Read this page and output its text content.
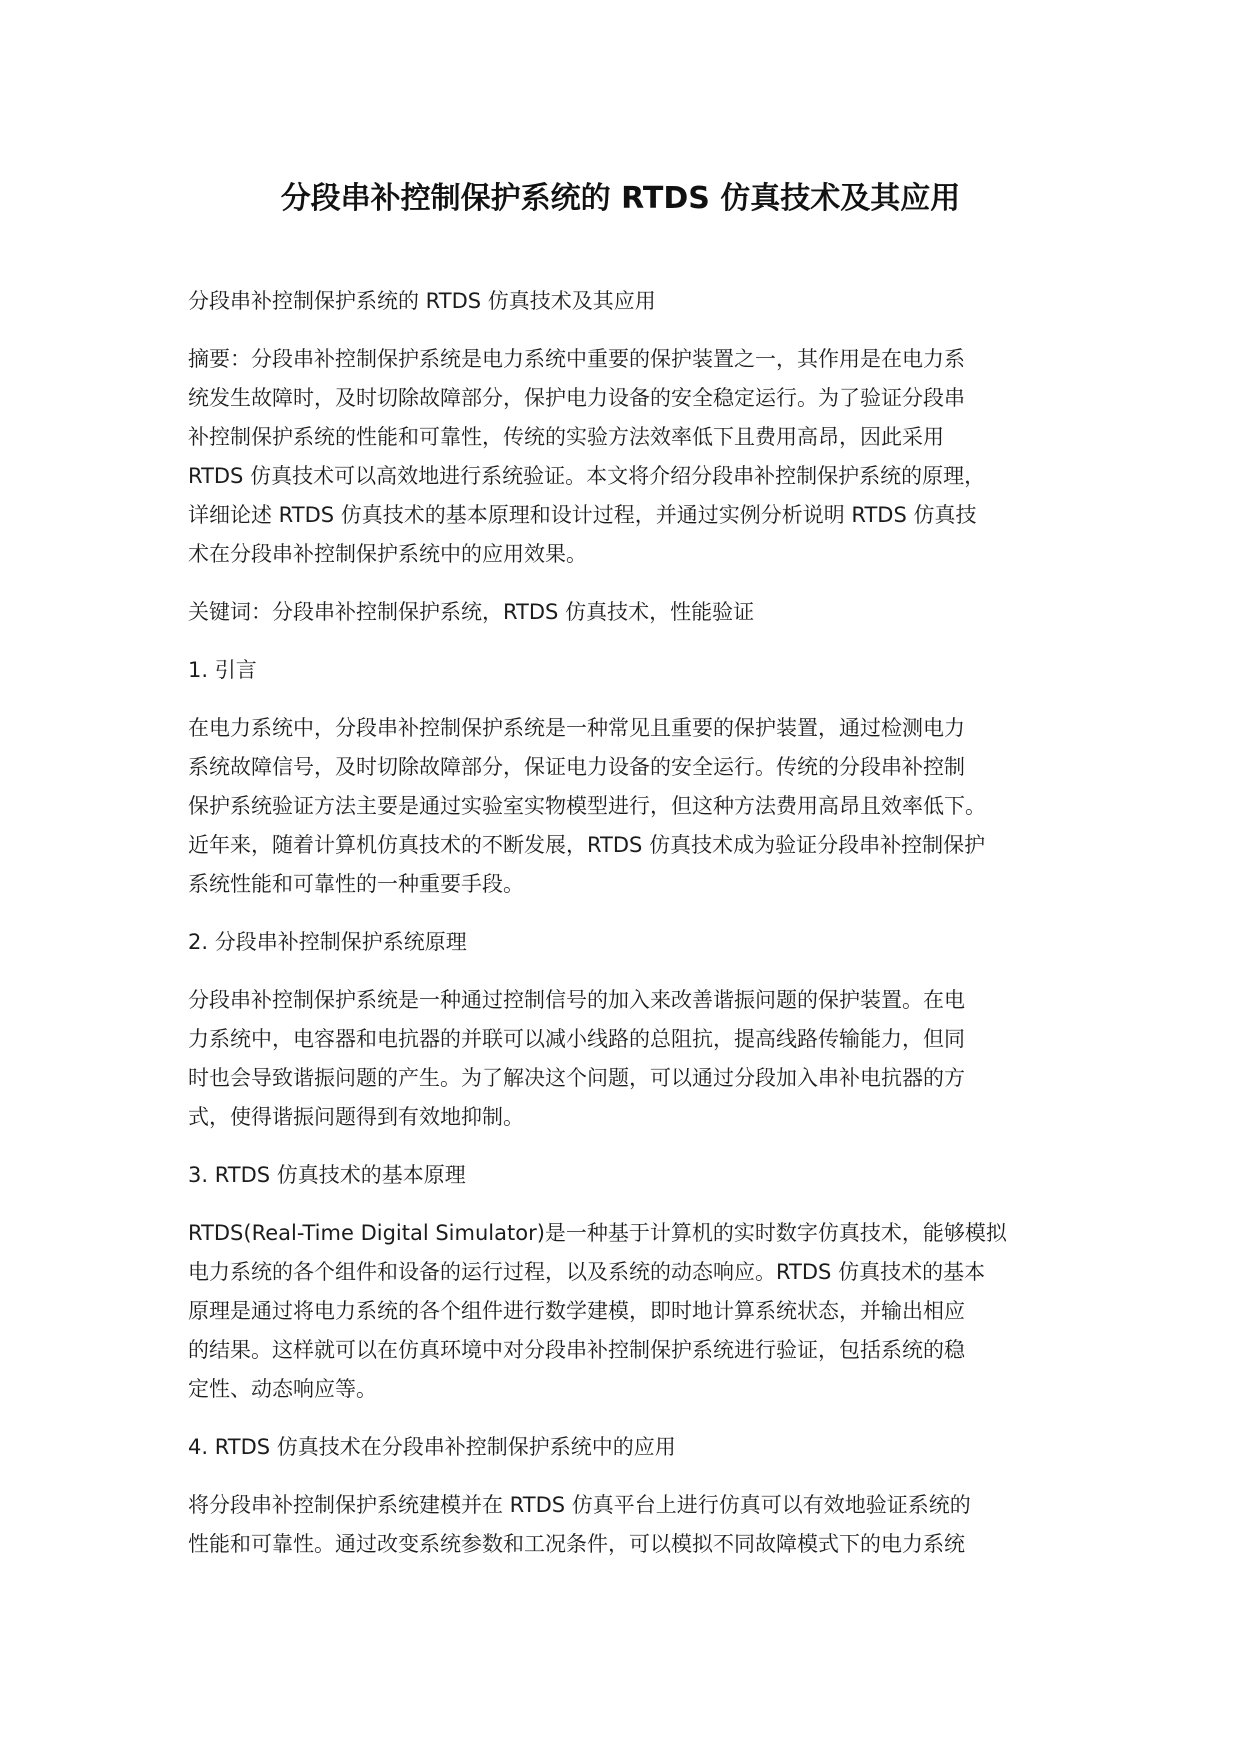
分段串补控制保护系统的 RTDS 仿真技术及其应用

分段串补控制保护系统的 RTDS 仿真技术及其应用

摘要：分段串补控制保护系统是电力系统中重要的保护装置之一，其作用是在电力系
统发生故障时，及时切除故障部分，保护电力设备的安全稳定运行。为了验证分段串
补控制保护系统的性能和可靠性，传统的实验方法效率低下且费用高昂，因此采用
RTDS 仿真技术可以高效地进行系统验证。本文将介绍分段串补控制保护系统的原理，
详细论述 RTDS 仿真技术的基本原理和设计过程，并通过实例分析说明 RTDS 仿真技
术在分段串补控制保护系统中的应用效果。

关键词：分段串补控制保护系统，RTDS 仿真技术，性能验证

1. 引言

在电力系统中，分段串补控制保护系统是一种常见且重要的保护装置，通过检测电力
系统故障信号，及时切除故障部分，保证电力设备的安全运行。传统的分段串补控制
保护系统验证方法主要是通过实验室实物模型进行，但这种方法费用高昂且效率低下。
近年来，随着计算机仿真技术的不断发展，RTDS 仿真技术成为验证分段串补控制保护
系统性能和可靠性的一种重要手段。

2. 分段串补控制保护系统原理

分段串补控制保护系统是一种通过控制信号的加入来改善谐振问题的保护装置。在电
力系统中，电容器和电抗器的并联可以减小线路的总阻抗，提高线路传输能力，但同
时也会导致谐振问题的产生。为了解决这个问题，可以通过分段加入串补电抗器的方
式，使得谐振问题得到有效地抑制。

3. RTDS 仿真技术的基本原理

RTDS(Real-Time Digital Simulator)是一种基于计算机的实时数字仿真技术，能够模拟
电力系统的各个组件和设备的运行过程，以及系统的动态响应。RTDS 仿真技术的基本
原理是通过将电力系统的各个组件进行数学建模，即时地计算系统状态，并输出相应
的结果。这样就可以在仿真环境中对分段串补控制保护系统进行验证，包括系统的稳
定性、动态响应等。

4. RTDS 仿真技术在分段串补控制保护系统中的应用

将分段串补控制保护系统建模并在 RTDS 仿真平台上进行仿真可以有效地验证系统的
性能和可靠性。通过改变系统参数和工况条件，可以模拟不同故障模式下的电力系统
